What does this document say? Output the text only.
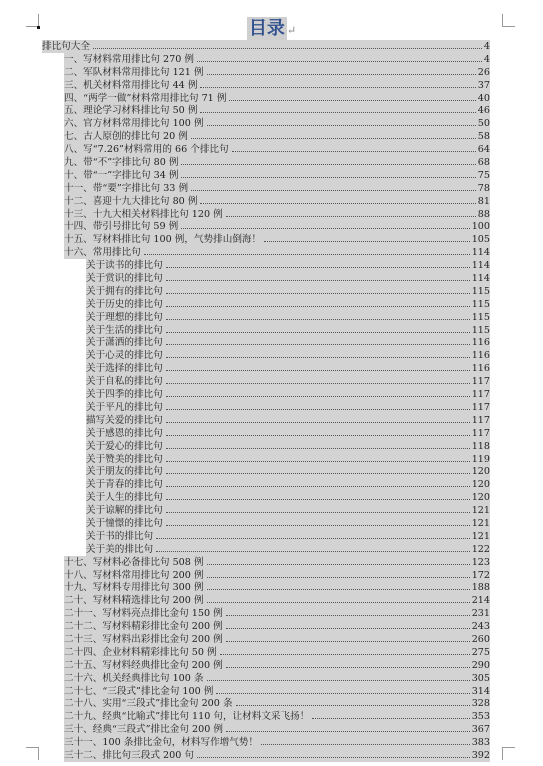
目录 ↵
排比句大全	4
一、写材料常用排比句 270 例	4
二、军队材料常用排比句 121 例	26
三、机关材料常用排比句 44 例	37
四、“两学一做”材料常用排比句 71 例	40
五、理论学习材料排比句 50 例	46
六、官方材料常用排比句 100 例	50
七、古人原创的排比句 20 例	58
八、写“7.26”材料常用的 66 个排比句	64
九、带“不”字排比句 80 例	68
十、带“一”字排比句 34 例	75
十一、带“要”字排比句 33 例	78
十二、喜迎十九大排比句 80 例	81
十三、十九大相关材料排比句 120 例	88
十四、带引号排比句 59 例	100
十五、写材料排比句 100 例，气势排山倒海！	105
十六、常用排比句	114
关于读书的排比句	114
关于赏识的排比句	114
关于拥有的排比句	115
关于历史的排比句	115
关于理想的排比句	115
关于生活的排比句	115
关于潇洒的排比句	116
关于心灵的排比句	116
关于选择的排比句	116
关于自私的排比句	117
关于四季的排比句	117
关于平凡的排比句	117
描写关爱的排比句	117
关于感恩的排比句	117
关于爱心的排比句	118
关于赞美的排比句	119
关于朋友的排比句	120
关于青春的排比句	120
关于人生的排比句	120
关于谅解的排比句	121
关于憧憬的排比句	121
关于书的排比句	121
关于美的排比句	122
十七、写材料必备排比句 508 例	123
十八、写材料常用排比句 200 例	172
十九、写材料专用排比句 300 例	188
二十、写材料精选排比句 200 例	214
二十一、写材料亮点排比金句 150 例	231
二十二、写材料精彩排比金句 200 例	243
二十三、写材料出彩排比金句 200 例	260
二十四、企业材料精彩排比句 50 例	275
二十五、写材料经典排比金句 200 例	290
二十六、机关经典排比句 100 条	305
二十七、“三段式”排比金句 100 例	314
二十八、实用“三段式”排比金句 200 条	328
二十九、经典“比喻式”排比句 110 句，让材料文采飞扬！	353
三十、经典“三段式”排比金句 200 例	367
三十一、100 条排比金句，材料写作增气势！	383
三十二、排比句三段式 200 句	392
